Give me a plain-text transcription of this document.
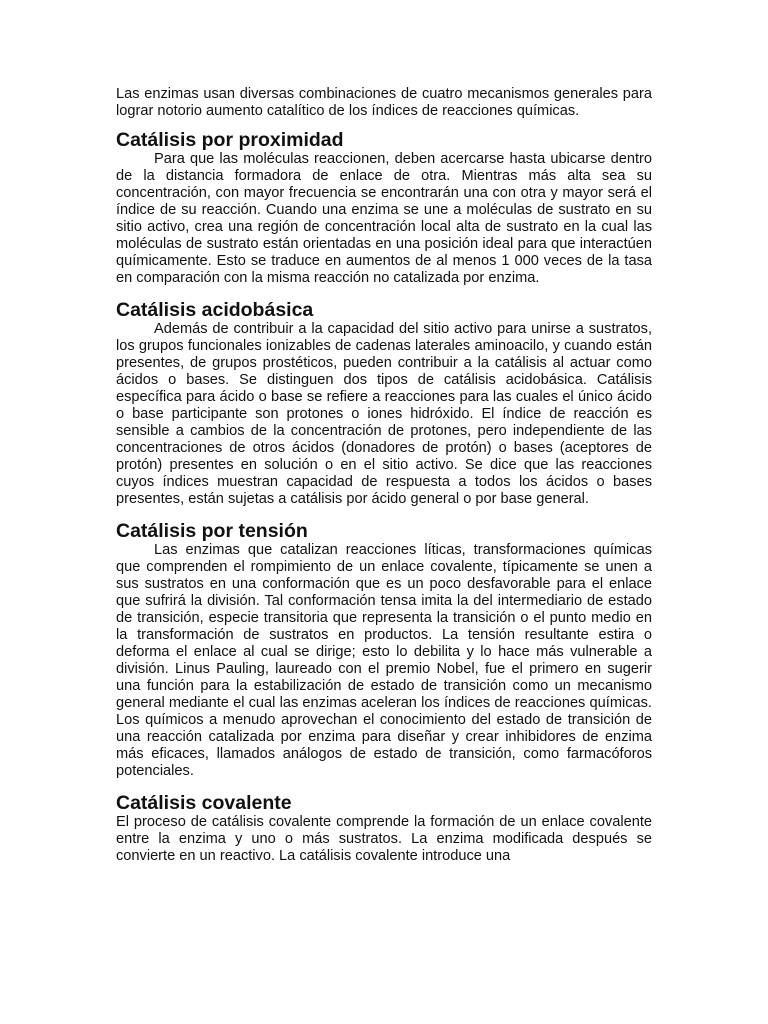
Las enzimas usan diversas combinaciones de cuatro mecanismos generales para lograr notorio aumento catalítico de los índices de reacciones químicas.

Catálisis por proximidad

Para que las moléculas reaccionen, deben acercarse hasta ubicarse dentro de la distancia formadora de enlace de otra. Mientras más alta sea su concentración, con mayor frecuencia se encontrarán una con otra y mayor será el índice de su reacción. Cuando una enzima se une a moléculas de sustrato en su sitio activo, crea una región de concentración local alta de sustrato en la cual las moléculas de sustrato están orientadas en una posición ideal para que interactúen químicamente. Esto se traduce en aumentos de al menos 1 000 veces de la tasa en comparación con la misma reacción no catalizada por enzima.

Catálisis acidobásica

Además de contribuir a la capacidad del sitio activo para unirse a sustratos, los grupos funcionales ionizables de cadenas laterales aminoacilo, y cuando están presentes, de grupos prostéticos, pueden contribuir a la catálisis al actuar como ácidos o bases. Se distinguen dos tipos de catálisis acidobásica. Catálisis específica para ácido o base se refiere a reacciones para las cuales el único ácido o base participante son protones o iones hidróxido. El índice de reacción es sensible a cambios de la concentración de protones, pero independiente de las concentraciones de otros ácidos (donadores de protón) o bases (aceptores de protón) presentes en solución o en el sitio activo. Se dice que las reacciones cuyos índices muestran capacidad de respuesta a todos los ácidos o bases presentes, están sujetas a catálisis por ácido general o por base general.

Catálisis por tensión

Las enzimas que catalizan reacciones líticas, transformaciones químicas que comprenden el rompimiento de un enlace covalente, típicamente se unen a sus sustratos en una conformación que es un poco desfavorable para el enlace que sufrirá la división. Tal conformación tensa imita la del intermediario de estado de transición, especie transitoria que representa la transición o el punto medio en la transformación de sustratos en productos. La tensión resultante estira o deforma el enlace al cual se dirige; esto lo debilita y lo hace más vulnerable a división. Linus Pauling, laureado con el premio Nobel, fue el primero en sugerir una función para la estabilización de estado de transición como un mecanismo general mediante el cual las enzimas aceleran los índices de reacciones químicas. Los químicos a menudo aprovechan el conocimiento del estado de transición de una reacción catalizada por enzima para diseñar y crear inhibidores de enzima más eficaces, llamados análogos de estado de transición, como farmacóforos potenciales.

Catálisis covalente

El proceso de catálisis covalente comprende la formación de un enlace covalente entre la enzima y uno o más sustratos. La enzima modificada después se convierte en un reactivo. La catálisis covalente introduce una
